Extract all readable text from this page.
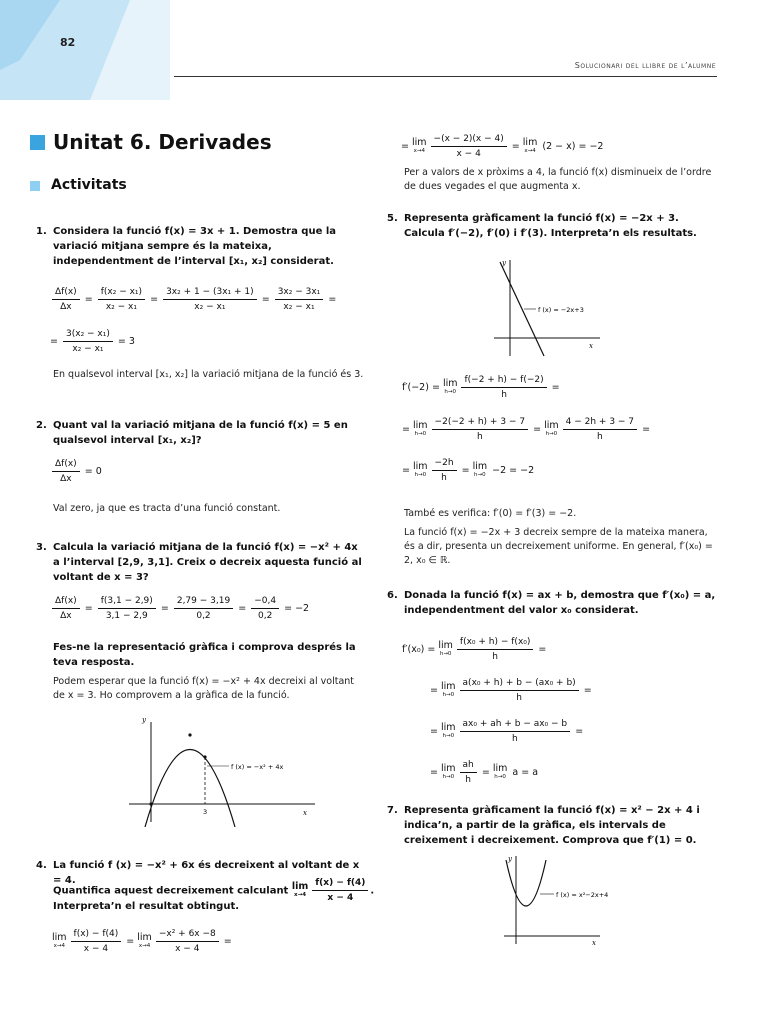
82
Solucionari del llibre de l’alumne
Unitat 6. Derivades
Activitats
1. Considera la funció f(x) = 3x + 1. Demostra que la variació mitjana sempre és la mateixa, independentment de l’interval [x₁, x₂] considerat.
$\frac{\Delta f(x)}{\Delta x} = \frac{\text{f(x₂ − x₁)}}{\text{x₂ − x₁}} = \frac{\text{3x₂ + 1 − (3x₁ + 1)}}{\text{x₂ − x₁}} = \frac{\text{3x₂ − 3x₁}}{\text{x₂ − x₁}}$ =
= $\frac{\text{3(x₂ − x₁)}}{\text{x₂ − x₁}} = 3$
En qualsevol interval [x₁, x₂] la variació mitjana de la funció és 3.
2. Quant val la variació mitjana de la funció f(x) = 5 en qualsevol interval [x₁, x₂]?
$\frac{\Delta f(x)}{\Delta x} = 0$
Val zero, ja que es tracta d’una funció constant.
3. Calcula la variació mitjana de la funció f(x) = −x² + 4x a l’interval [2,9, 3,1]. Creix o decreix aquesta funció al voltant de x = 3?
$\frac{\Delta f(x)}{\Delta x} = \frac{f(3,1 - 2,9)}{3,1 - 2,9} = \frac{2,79 - 3,19}{0,2} = \frac{-0,4}{0,2} = -2$
Fes-ne la representació gràfica i comprova després la teva resposta.
Podem esperar que la funció f(x) = −x² + 4x decreixi al voltant de x = 3. Ho comprovem a la gràfica de la funció.
y
x
3
f (x) = −x² + 4x
4. La funció f (x) = −x² + 6x és decreixent al voltant de x = 4.
Quantifica aquest decreixement calculant lim
$x\to 4 \frac{f(x) - f(4)}{x - 4}$ .
Interpreta’n el resultat obtingut.
lim
$x\to 4 \frac{f(x) - f(4)}{x - 4} = \lim$
$x\to 4 \frac{\text{−x² + 6x −8}}{x - 4}$ =
= lim
$x\to 4 \frac{-(x - 2)(x - 4)}{x - 4} = \lim$
x→4 (2 − x) = −2
Per a valors de x pròxims a 4, la funció f(x) disminueix de l’ordre de dues vegades el que augmenta x.
5. Representa gràficament la funció f(x) = −2x + 3. Calcula f′(−2), f′(0) i f′(3). Interpreta’n els resultats.
y
x
f (x) = −2x+3
f′(−2) = lim
$h\to 0 \frac{f(-2 + h) - f(-2)}{h}$ =
= lim
$h\to 0 \frac{-2(-2 + h) + 3 - 7}{h} = \lim$
$h\to 0 \frac{4 - 2h + 3 - 7}{h}$ =
= lim
$h\to 0 \frac{-2h}{h} = \lim$
h→0 −2 = −2
També es verifica: f′(0) = f′(3) = −2.
La funció f(x) = −2x + 3 decreix sempre de la mateixa manera, és a dir, presenta un decreixement uniforme. En general, f′(x₀) = 2, x₀ ∈ ℝ.
6. Donada la funció f(x) = ax + b, demostra que f′(x₀) = a, independentment del valor x₀ considerat.
f′(x₀) = lim
$h\to 0 \frac{\text{f(x₀ + h) − f(x₀)}}{h}$ =
= lim
$h\to 0 \frac{\text{a(x₀ + h) + b − (ax₀ + b)}}{h}$ =
= lim
$h\to 0 \frac{\text{ax₀ + ah + b − ax₀ − b}}{h}$ =
= lim
$h\to 0 \frac{ah}{h} = \lim$
h→0 a = a
7. Representa gràficament la funció f(x) = x² − 2x + 4 i indica’n, a partir de la gràfica, els intervals de creixement i decreixement. Comprova que f′(1) = 0.
y
x
f (x) = x²−2x+4
